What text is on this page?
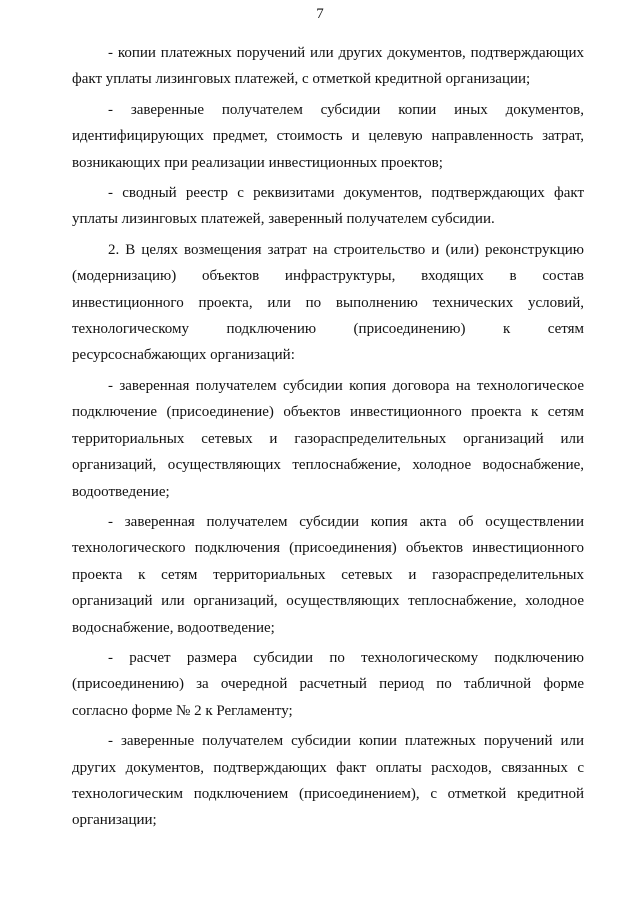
7

- копии платежных поручений или других документов, подтверждающих факт уплаты лизинговых платежей, с отметкой кредитной организации;

- заверенные получателем субсидии копии иных документов, идентифицирующих предмет, стоимость и целевую направленность затрат, возникающих при реализации инвестиционных проектов;

- сводный реестр с реквизитами документов, подтверждающих факт уплаты лизинговых платежей, заверенный получателем субсидии.

2. В целях возмещения затрат на строительство и (или) реконструкцию (модернизацию) объектов инфраструктуры, входящих в состав инвестиционного проекта, или по выполнению технических условий, технологическому подключению (присоединению) к сетям ресурсоснабжающих организаций:

- заверенная получателем субсидии копия договора на технологическое подключение (присоединение) объектов инвестиционного проекта к сетям территориальных сетевых и газораспределительных организаций или организаций, осуществляющих теплоснабжение, холодное водоснабжение, водоотведение;

- заверенная получателем субсидии копия акта об осуществлении технологического подключения (присоединения) объектов инвестиционного проекта к сетям территориальных сетевых и газораспределительных организаций или организаций, осуществляющих теплоснабжение, холодное водоснабжение, водоотведение;

- расчет размера субсидии по технологическому подключению (присоединению) за очередной расчетный период по табличной форме согласно форме № 2 к Регламенту;

- заверенные получателем субсидии копии платежных поручений или других документов, подтверждающих факт оплаты расходов, связанных с технологическим подключением (присоединением), с отметкой кредитной организации;
